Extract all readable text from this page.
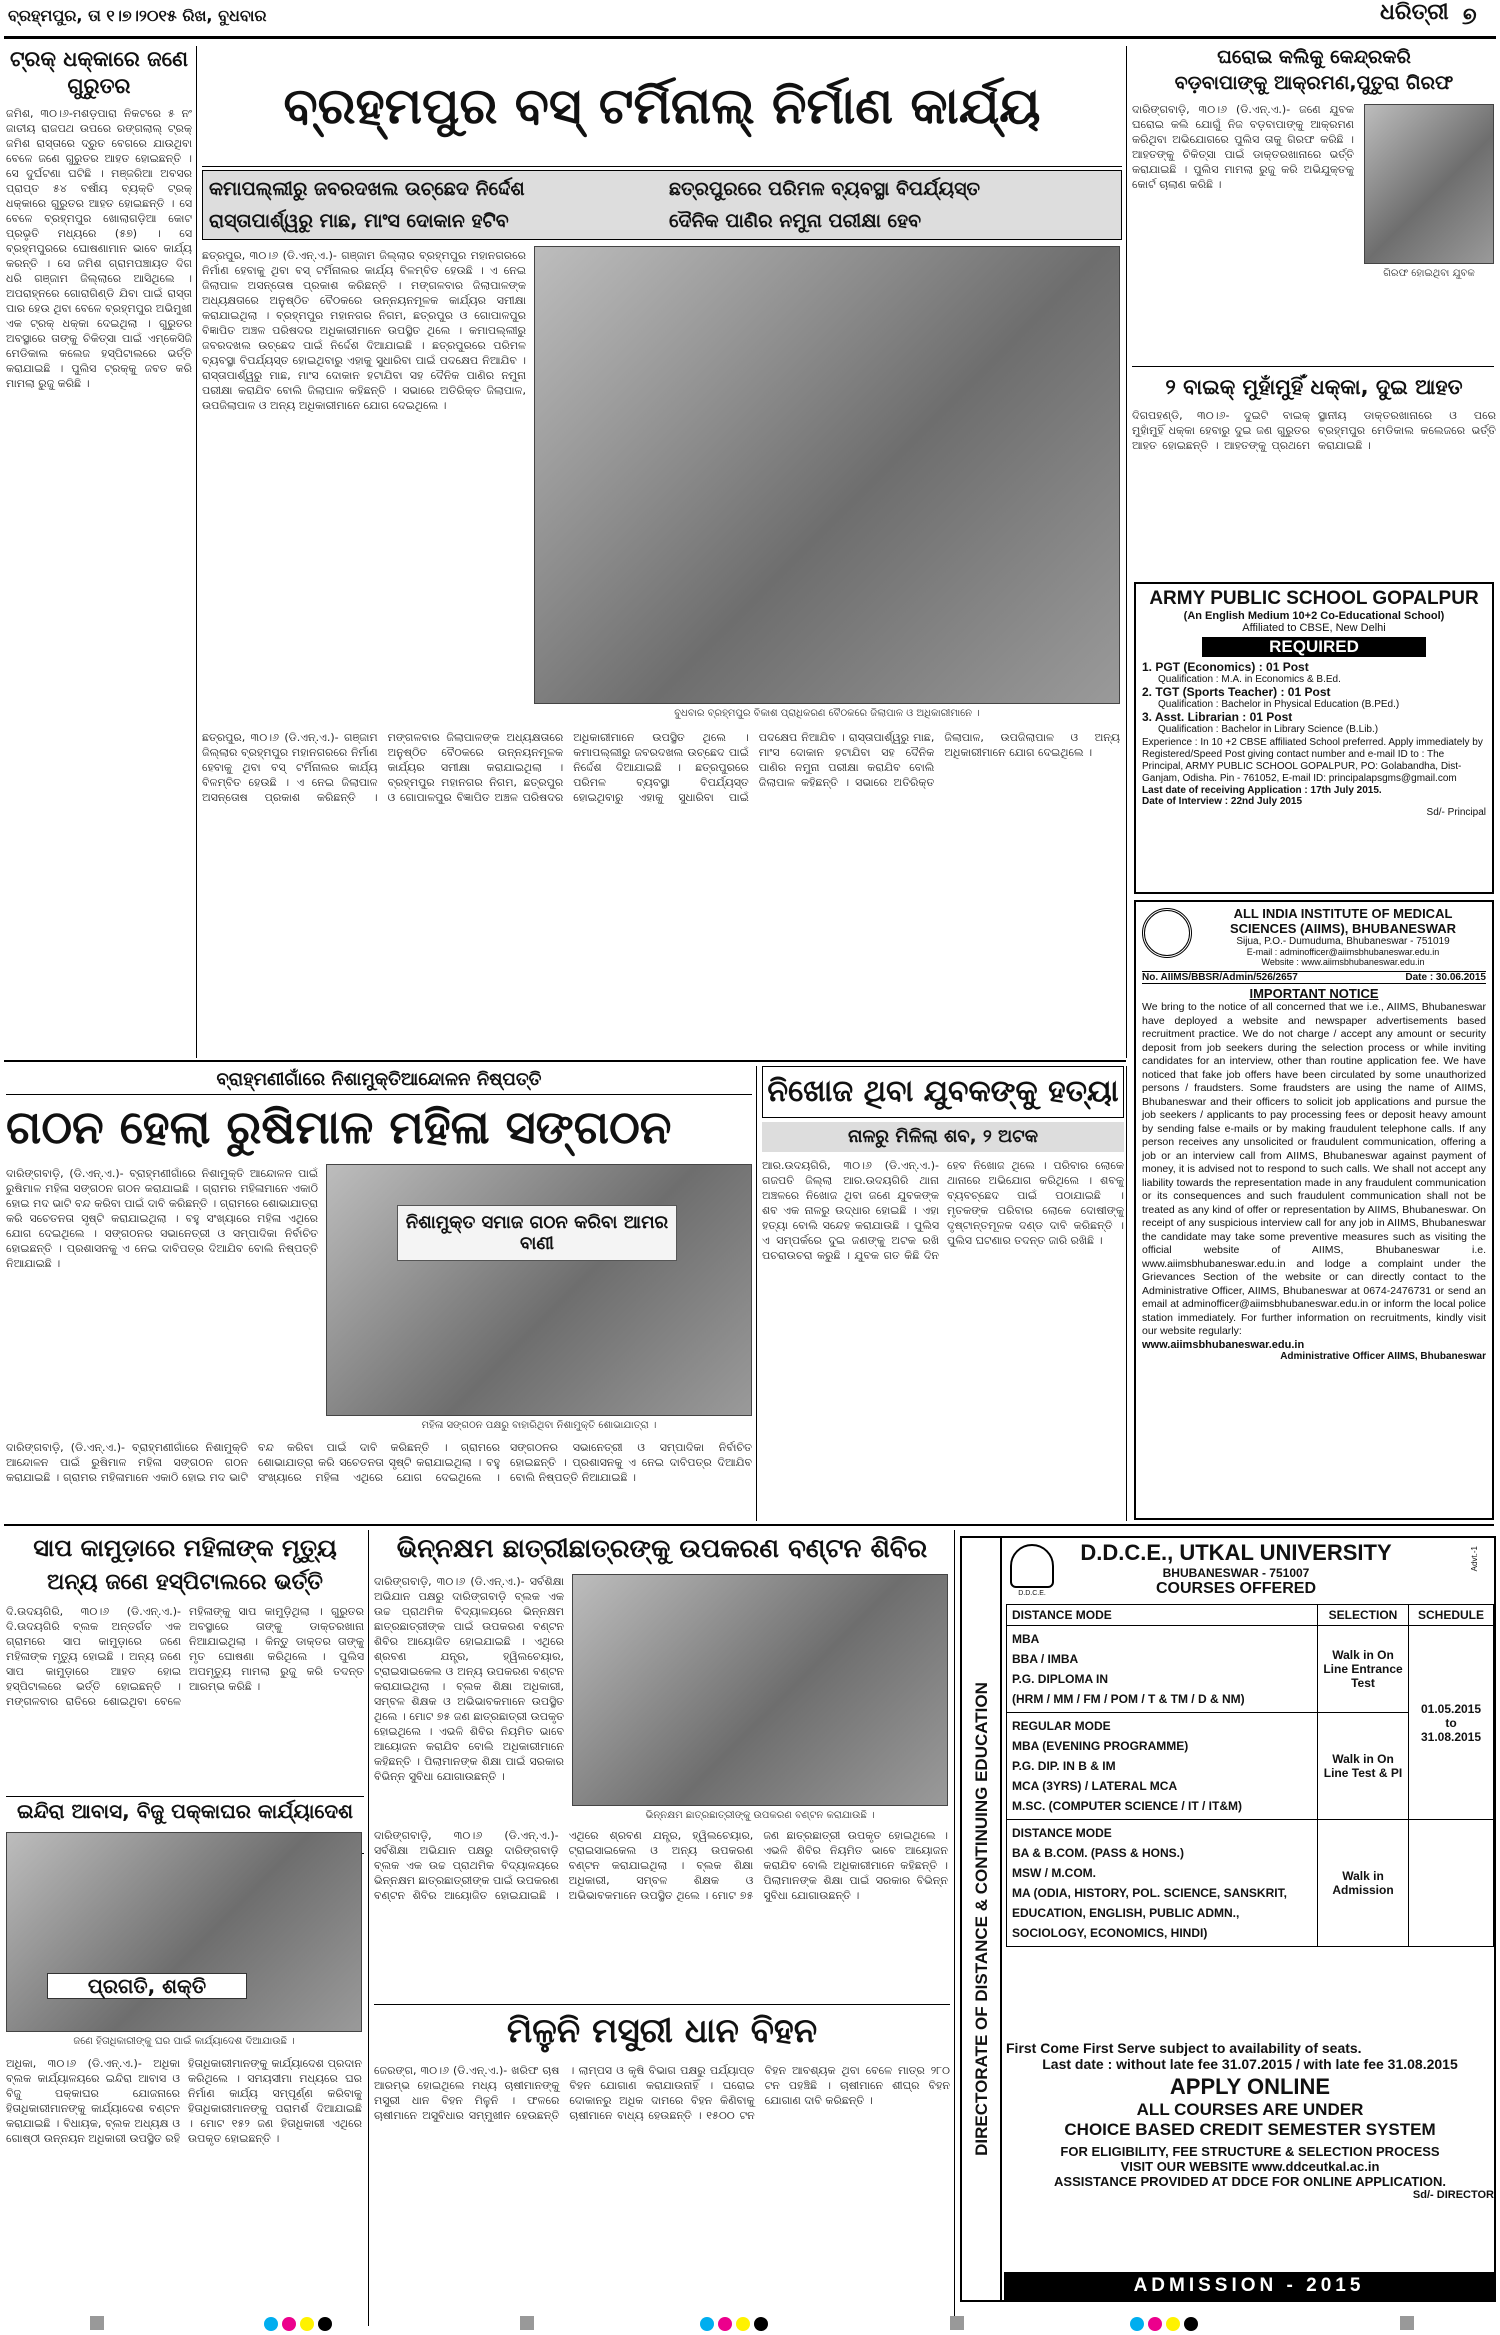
ବ୍ରହ୍ମପୁର, ତା ୧।୭।୨୦୧୫ ରିଖ, ବୁଧବାର	ଧରିତ୍ରୀ ୭
ଟ୍ରକ୍ ଧକ୍କାରେ ଜଣେ ଗୁରୁତର
ଜମିଶ, ୩୦।୬-ମଶଡ଼ପାରା ନିକଟରେ ୫ ନଂ ଜାତୀୟ ରାଜପଥ ଉପରେ ରଙ୍ଗଲାଲ୍ ଟ୍ରକ୍ ଜମିଶ ରାସ୍ତାରେ ଦ୍ରୁତ ବେଗରେ ଯାଉଥିବା ବେଳେ ଜଣେ ଗୁରୁତର ଆହତ ହୋଇଛନ୍ତି । ସେ ଦୁର୍ଘଟଣା ଘଟିଛି । ମଞ୍ଜରିଆ ଅବସର ପ୍ରାପ୍ତ ୫୪ ବର୍ଷୀୟ ବ୍ୟକ୍ତି ଟ୍ରକ୍ ଧକ୍କାରେ ଗୁରୁତର ଆହତ ହୋଇଛନ୍ତି । ସେ ବେଳେ ବ୍ରହ୍ମପୁର ଖୋଲାଗଡ଼ିଆ କୋଟ ପ୍ରଭୃତି ମଧ୍ୟରେ (୫୭) । ସେ ବ୍ରହ୍ମପୁରରେ ଘୋଷଣାମାନ ଭାବେ କାର୍ଯ୍ୟ କରନ୍ତି । ସେ ଜମିଶ ଗ୍ରାମପଞ୍ଚାୟତ ଦିଗ ଧରି ଗଞ୍ଜାମ ଜିଲ୍ଲାରେ ଆସିଥିଲେ । ଅପରାହ୍ନରେ ଗୋରାଗିଣ୍ଡି ଯିବା ପାଇଁ ରାସ୍ତା ପାର ହେଉ ଥିବା ବେଳେ ବ୍ରହ୍ମପୁର ଅଭିମୁଖୀ ଏକ ଟ୍ରକ୍ ଧକ୍କା ଦେଇଥିଲା । ଗୁରୁତର ଅବସ୍ଥାରେ ତାଙ୍କୁ ଚିକିତ୍ସା ପାଇଁ ଏମ୍କେସିଜି ମେଡିକାଲ କଲେଜ ହସ୍ପିଟାଲରେ ଭର୍ତ୍ତି କରାଯାଇଛି । ପୁଲିସ ଟ୍ରକ୍‌କୁ ଜବତ କରି ମାମଲା ରୁଜୁ କରିଛି ।
ବ୍ରହ୍ମପୁର ବସ୍ ଟର୍ମିନାଲ୍ ନିର୍ମାଣ କାର୍ଯ୍ୟ
କମାପଲ୍ଲୀରୁ ଜବରଦଖଲ ଉଚ୍ଛେଦ ନିର୍ଦ୍ଦେଶ	ଛତ୍ରପୁରରେ ପରିମଳ ବ୍ୟବସ୍ଥା ବିପର୍ଯ୍ୟସ୍ତ
ରାସ୍ତାପାର୍ଶ୍ୱରୁ ମାଛ, ମାଂସ ଦୋକାନ ହଟିବ	ଦୈନିକ ପାଣିର ନମୁନା ପରୀକ୍ଷା ହେବ
ଛତ୍ରପୁର, ୩୦।୬ (ଡି.ଏନ୍.ଏ.)- ଗଞ୍ଜାମ ଜିଲ୍ଲାର ବ୍ରହ୍ମପୁର ମହାନଗରରେ ନିର୍ମାଣ ହେବାକୁ ଥିବା ବସ୍ ଟର୍ମିନାଲର କାର୍ଯ୍ୟ ବିଳମ୍ବିତ ହେଉଛି । ଏ ନେଇ ଜିଲାପାଳ ଅସନ୍ତୋଷ ପ୍ରକାଶ କରିଛନ୍ତି । ମଙ୍ଗଳବାର ଜିଲାପାଳଙ୍କ ଅଧ୍ୟକ୍ଷତାରେ ଅନୁଷ୍ଠିତ ବୈଠକରେ ଉନ୍ନୟନମୂଳକ କାର୍ଯ୍ୟର ସମୀକ୍ଷା କରାଯାଇଥିଲା । ବ୍ରହ୍ମପୁର ମହାନଗର ନିଗମ, ଛତ୍ରପୁର ଓ ଗୋପାଳପୁର ବିଜ୍ଞାପିତ ଅଞ୍ଚଳ ପରିଷଦର ଅଧିକାରୀମାନେ ଉପସ୍ଥିତ ଥିଲେ । କମାପଲ୍ଲୀରୁ ଜବରଦଖଲ ଉଚ୍ଛେଦ ପାଇଁ ନିର୍ଦ୍ଦେଶ ଦିଆଯାଇଛି । ଛତ୍ରପୁରରେ ପରିମଳ ବ୍ୟବସ୍ଥା ବିପର୍ଯ୍ୟସ୍ତ ହୋଇଥିବାରୁ ଏହାକୁ ସୁଧାରିବା ପାଇଁ ପଦକ୍ଷେପ ନିଆଯିବ । ରାସ୍ତାପାର୍ଶ୍ୱରୁ ମାଛ, ମାଂସ ଦୋକାନ ହଟାଯିବା ସହ ଦୈନିକ ପାଣିର ନମୁନା ପରୀକ୍ଷା କରାଯିବ ବୋଲି ଜିଲାପାଳ କହିଛନ୍ତି । ସଭାରେ ଅତିରିକ୍ତ ଜିଲାପାଳ, ଉପଜିଲାପାଳ ଓ ଅନ୍ୟ ଅଧିକାରୀମାନେ ଯୋଗ ଦେଇଥିଲେ ।
ବୁଧବାର ବ୍ରହ୍ମପୁର ବିକାଶ ପ୍ରାଧିକରଣ ବୈଠକରେ ଜିଲାପାଳ ଓ ଅଧିକାରୀମାନେ ।
ଛତ୍ରପୁର, ୩୦।୬ (ଡି.ଏନ୍.ଏ.)- ଗଞ୍ଜାମ ଜିଲ୍ଲାର ବ୍ରହ୍ମପୁର ମହାନଗରରେ ନିର୍ମାଣ ହେବାକୁ ଥିବା ବସ୍ ଟର୍ମିନାଲର କାର୍ଯ୍ୟ ବିଳମ୍ବିତ ହେଉଛି । ଏ ନେଇ ଜିଲାପାଳ ଅସନ୍ତୋଷ ପ୍ରକାଶ କରିଛନ୍ତି । ମଙ୍ଗଳବାର ଜିଲାପାଳଙ୍କ ଅଧ୍ୟକ୍ଷତାରେ ଅନୁଷ୍ଠିତ ବୈଠକରେ ଉନ୍ନୟନମୂଳକ କାର୍ଯ୍ୟର ସମୀକ୍ଷା କରାଯାଇଥିଲା । ବ୍ରହ୍ମପୁର ମହାନଗର ନିଗମ, ଛତ୍ରପୁର ଓ ଗୋପାଳପୁର ବିଜ୍ଞାପିତ ଅଞ୍ଚଳ ପରିଷଦର ଅଧିକାରୀମାନେ ଉପସ୍ଥିତ ଥିଲେ । କମାପଲ୍ଲୀରୁ ଜବରଦଖଲ ଉଚ୍ଛେଦ ପାଇଁ ନିର୍ଦ୍ଦେଶ ଦିଆଯାଇଛି । ଛତ୍ରପୁରରେ ପରିମଳ ବ୍ୟବସ୍ଥା ବିପର୍ଯ୍ୟସ୍ତ ହୋଇଥିବାରୁ ଏହାକୁ ସୁଧାରିବା ପାଇଁ ପଦକ୍ଷେପ ନିଆଯିବ । ରାସ୍ତାପାର୍ଶ୍ୱରୁ ମାଛ, ମାଂସ ଦୋକାନ ହଟାଯିବା ସହ ଦୈନିକ ପାଣିର ନମୁନା ପରୀକ୍ଷା କରାଯିବ ବୋଲି ଜିଲାପାଳ କହିଛନ୍ତି । ସଭାରେ ଅତିରିକ୍ତ ଜିଲାପାଳ, ଉପଜିଲାପାଳ ଓ ଅନ୍ୟ ଅଧିକାରୀମାନେ ଯୋଗ ଦେଇଥିଲେ ।
ଘରୋଇ କଲିକୁ କେନ୍ଦ୍ରକରି
ବଡ଼ବାପାଙ୍କୁ ଆକ୍ରମଣ,ପୁତୁରା ଗିରଫ
ଦାରିଙ୍ଗବାଡ଼ି, ୩୦।୬ (ଡି.ଏନ୍.ଏ.)- ଜଣେ ଯୁବକ ଘରୋଇ କଲି ଯୋଗୁଁ ନିଜ ବଡ଼ବାପାଙ୍କୁ ଆକ୍ରମଣ କରିଥିବା ଅଭିଯୋଗରେ ପୁଲିସ ତାକୁ ଗିରଫ କରିଛି । ଆହତଙ୍କୁ ଚିକିତ୍ସା ପାଇଁ ଡାକ୍ତରଖାନାରେ ଭର୍ତ୍ତି କରାଯାଇଛି । ପୁଲିସ ମାମଲା ରୁଜୁ କରି ଅଭିଯୁକ୍ତକୁ କୋର୍ଟ ଚାଲାଣ କରିଛି ।
ଗିରଫ ହୋଇଥିବା ଯୁବକ
୨ ବାଇକ୍ ମୁହାଁମୁହିଁ ଧକ୍କା, ଦୁଇ ଆହତ
ଦିଗପହଣ୍ଡି, ୩୦।୬- ଦୁଇଟି ବାଇକ୍ ମୁହାଁମୁହିଁ ଧକ୍କା ହେବାରୁ ଦୁଇ ଜଣ ଗୁରୁତର ଆହତ ହୋଇଛନ୍ତି । ଆହତଙ୍କୁ ପ୍ରଥମେ ସ୍ଥାନୀୟ ଡାକ୍ତରଖାନାରେ ଓ ପରେ ବ୍ରହ୍ମପୁର ମେଡିକାଲ କଲେଜରେ ଭର୍ତ୍ତି କରାଯାଇଛି ।
ARMY PUBLIC SCHOOL GOPALPUR
(An English Medium 10+2 Co-Educational School)
Affiliated to CBSE, New Delhi
REQUIRED
1. PGT (Economics) : 01 Post
Qualification : M.A. in Economics & B.Ed.
2. TGT (Sports Teacher) : 01 Post
Qualification : Bachelor in Physical Education (B.PEd.)
3. Asst. Librarian : 01 Post
Qualification : Bachelor in Library Science (B.Lib.)
Experience : In 10 +2 CBSE affiliated School preferred. Apply immediately by Registered/Speed Post giving contact number and e-mail ID to : The Principal, ARMY PUBLIC SCHOOL GOPALPUR, PO: Golabandha, Dist-Ganjam, Odisha. Pin - 761052, E-mail ID: principalapsgms@gmail.com
Last date of receiving Application : 17th July 2015.
Date of Interview : 22nd July 2015
Sd/- Principal
ବ୍ରାହ୍ମଣୀଗାଁରେ ନିଶାମୁକ୍ତିଆନ୍ଦୋଳନ ନିଷ୍ପତ୍ତି
ଗଠନ ହେଲା ରୁଷିମାଳ ମହିଳା ସଙ୍ଗଠନ
ଦାରିଙ୍ଗବାଡ଼ି, (ଡି.ଏନ୍.ଏ.)- ବ୍ରାହ୍ମଣୀଗାଁରେ ନିଶାମୁକ୍ତି ଆନ୍ଦୋଳନ ପାଇଁ ରୁଷିମାଳ ମହିଳା ସଙ୍ଗଠନ ଗଠନ କରାଯାଇଛି । ଗ୍ରାମର ମହିଳାମାନେ ଏକାଠି ହୋଇ ମଦ ଭାଟି ବନ୍ଦ କରିବା ପାଇଁ ଦାବି କରିଛନ୍ତି । ଗ୍ରାମରେ ଶୋଭାଯାତ୍ରା କରି ସଚେତନତା ସୃଷ୍ଟି କରାଯାଇଥିଲା । ବହୁ ସଂଖ୍ୟାରେ ମହିଳା ଏଥିରେ ଯୋଗ ଦେଇଥିଲେ । ସଙ୍ଗଠନର ସଭାନେତ୍ରୀ ଓ ସମ୍ପାଦିକା ନିର୍ବାଚିତ ହୋଇଛନ୍ତି । ପ୍ରଶାସନକୁ ଏ ନେଇ ଦାବିପତ୍ର ଦିଆଯିବ ବୋଲି ନିଷ୍ପତ୍ତି ନିଆଯାଇଛି ।
ନିଶାମୁକ୍ତ ସମାଜ ଗଠନ କରିବା ଆମର ବାଣୀ
ମହିଳା ସଙ୍ଗଠନ ପକ୍ଷରୁ ବାହାରିଥିବା ନିଶାମୁକ୍ତି ଶୋଭାଯାତ୍ରା ।
ଦାରିଙ୍ଗବାଡ଼ି, (ଡି.ଏନ୍.ଏ.)- ବ୍ରାହ୍ମଣୀଗାଁରେ ନିଶାମୁକ୍ତି ଆନ୍ଦୋଳନ ପାଇଁ ରୁଷିମାଳ ମହିଳା ସଙ୍ଗଠନ ଗଠନ କରାଯାଇଛି । ଗ୍ରାମର ମହିଳାମାନେ ଏକାଠି ହୋଇ ମଦ ଭାଟି ବନ୍ଦ କରିବା ପାଇଁ ଦାବି କରିଛନ୍ତି । ଗ୍ରାମରେ ଶୋଭାଯାତ୍ରା କରି ସଚେତନତା ସୃଷ୍ଟି କରାଯାଇଥିଲା । ବହୁ ସଂଖ୍ୟାରେ ମହିଳା ଏଥିରେ ଯୋଗ ଦେଇଥିଲେ । ସଙ୍ଗଠନର ସଭାନେତ୍ରୀ ଓ ସମ୍ପାଦିକା ନିର୍ବାଚିତ ହୋଇଛନ୍ତି । ପ୍ରଶାସନକୁ ଏ ନେଇ ଦାବିପତ୍ର ଦିଆଯିବ ବୋଲି ନିଷ୍ପତ୍ତି ନିଆଯାଇଛି ।
ନିଖୋଜ ଥିବା ଯୁବକଙ୍କୁ ହତ୍ୟା
ନାଳରୁ ମିଳିଲା ଶବ, ୨ ଅଟକ
ଆର.ଉଦୟଗିରି, ୩୦।୬ (ଡି.ଏନ୍.ଏ.)- ଗଜପତି ଜିଲ୍ଲା ଆର.ଉଦୟଗିରି ଥାନା ଅଞ୍ଚଳରେ ନିଖୋଜ ଥିବା ଜଣେ ଯୁବକଙ୍କ ଶବ ଏକ ନାଳରୁ ଉଦ୍ଧାର ହୋଇଛି । ଏହା ହତ୍ୟା ବୋଲି ସନ୍ଦେହ କରାଯାଉଛି । ପୁଲିସ ଏ ସମ୍ପର୍କରେ ଦୁଇ ଜଣଙ୍କୁ ଅଟକ ରଖି ପଚରାଉଚରା କରୁଛି । ଯୁବକ ଗତ କିଛି ଦିନ ହେବ ନିଖୋଜ ଥିଲେ । ପରିବାର ଲୋକେ ଥାନାରେ ଅଭିଯୋଗ କରିଥିଲେ । ଶବକୁ ବ୍ୟବଚ୍ଛେଦ ପାଇଁ ପଠାଯାଇଛି । ମୃତକଙ୍କ ପରିବାର ଲୋକେ ଦୋଷୀଙ୍କୁ ଦୃଷ୍ଟାନ୍ତମୂଳକ ଦଣ୍ଡ ଦାବି କରିଛନ୍ତି । ପୁଲିସ ଘଟଣାର ତଦନ୍ତ ଜାରି ରଖିଛି ।
ALL INDIA INSTITUTE OF MEDICAL SCIENCES (AIIMS), BHUBANESWAR
Sijua, P.O.- Dumuduma, Bhubaneswar - 751019
E-mail : adminofficer@aiimsbhubaneswar.edu.in
Website : www.aiimsbhubaneswar.edu.in
No. AIIMS/BBSR/Admin/526/2657	Date : 30.06.2015
IMPORTANT NOTICE
We bring to the notice of all concerned that we i.e., AIIMS, Bhubaneswar have deployed a website and newspaper advertisements based recruitment practice. We do not charge / accept any amount or security deposit from job seekers during the selection process or while inviting candidates for an interview, other than routine application fee. We have noticed that fake job offers have been circulated by some unauthorized persons / fraudsters. Some fraudsters are using the name of AIIMS, Bhubaneswar and their officers to solicit job applications and pursue the job seekers / applicants to pay processing fees or deposit heavy amount by sending false e-mails or by making fraudulent telephone calls. If any person receives any unsolicited or fraudulent communication, offering a job or an interview call from AIIMS, Bhubaneswar against payment of money, it is advised not to respond to such calls. We shall not accept any liability towards the representation made in any fraudulent communication or its consequences and such fraudulent communication shall not be treated as any kind of offer or representation by AIIMS, Bhubaneswar. On receipt of any suspicious interview call for any job in AIIMS, Bhubaneswar the candidate may take some preventive measures such as visiting the official website of AIIMS, Bhubaneswar i.e. www.aiimsbhubaneswar.edu.in and lodge a complaint under the Grievances Section of the website or can directly contact to the Administrative Officer, AIIMS, Bhubaneswar at 0674-2476731 or send an email at adminofficer@aiimsbhubaneswar.edu.in or inform the local police station immediately. For further information on recruitments, kindly visit our website regularly:
www.aiimsbhubaneswar.edu.in
Administrative Officer AIIMS, Bhubaneswar
ସାପ କାମୁଡ଼ାରେ ମହିଳାଙ୍କ ମୃତ୍ୟୁ
ଅନ୍ୟ ଜଣେ ହସ୍ପିଟାଲରେ ଭର୍ତ୍ତି
ଦି.ଉଦୟଗିରି, ୩୦।୬ (ଡି.ଏନ୍.ଏ.)- ଦି.ଉଦୟଗିରି ବ୍ଲକ ଅନ୍ତର୍ଗତ ଏକ ଗ୍ରାମରେ ସାପ କାମୁଡ଼ାରେ ଜଣେ ମହିଳାଙ୍କ ମୃତ୍ୟୁ ହୋଇଛି । ଅନ୍ୟ ଜଣେ ସାପ କାମୁଡ଼ାରେ ଆହତ ହୋଇ ହସ୍ପିଟାଲରେ ଭର୍ତ୍ତି ହୋଇଛନ୍ତି । ମଙ୍ଗଳବାର ରାତିରେ ଶୋଇଥିବା ବେଳେ ମହିଳାଙ୍କୁ ସାପ କାମୁଡ଼ିଥିଲା । ଗୁରୁତର ଅବସ୍ଥାରେ ତାଙ୍କୁ ଡାକ୍ତରଖାନା ନିଆଯାଇଥିଲା । କିନ୍ତୁ ଡାକ୍ତର ତାଙ୍କୁ ମୃତ ଘୋଷଣା କରିଥିଲେ । ପୁଲିସ ଅପମୃତ୍ୟୁ ମାମଲା ରୁଜୁ କରି ତଦନ୍ତ ଆରମ୍ଭ କରିଛି ।
ଇନ୍ଦିରା ଆବାସ, ବିଜୁ ପକ୍କାଘର କାର୍ଯ୍ୟାଦେଶ
ପ୍ରଗତି, ଶକ୍ତି
ଜଣେ ହିତାଧିକାରୀଙ୍କୁ ଘର ପାଇଁ କାର୍ଯ୍ୟାଦେଶ ଦିଆଯାଉଛି ।
ଅଧିକା, ୩୦।୬ (ଡି.ଏନ୍.ଏ.)- ଅଧିକା ବ୍ଲକ କାର୍ଯ୍ୟାଳୟରେ ଇନ୍ଦିରା ଆବାସ ଓ ବିଜୁ ପକ୍କାଘର ଯୋଜନାରେ ହିତାଧିକାରୀମାନଙ୍କୁ କାର୍ଯ୍ୟାଦେଶ ବଣ୍ଟନ କରାଯାଇଛି । ବିଧାୟକ, ବ୍ଲକ ଅଧ୍ୟକ୍ଷ ଓ ଗୋଷ୍ଠୀ ଉନ୍ନୟନ ଅଧିକାରୀ ଉପସ୍ଥିତ ରହି ହିତାଧିକାରୀମାନଙ୍କୁ କାର୍ଯ୍ୟାଦେଶ ପ୍ରଦାନ କରିଥିଲେ । ସମୟସୀମା ମଧ୍ୟରେ ଘର ନିର୍ମାଣ କାର୍ଯ୍ୟ ସମ୍ପୂର୍ଣ୍ଣ କରିବାକୁ ହିତାଧିକାରୀମାନଙ୍କୁ ପରାମର୍ଶ ଦିଆଯାଇଛି । ମୋଟ ୧୫୨ ଜଣ ହିତାଧିକାରୀ ଏଥିରେ ଉପକୃତ ହୋଇଛନ୍ତି ।
ଭିନ୍ନକ୍ଷମ ଛାତ୍ରୀଛାତ୍ରଙ୍କୁ ଉପକରଣ ବଣ୍ଟନ ଶିବିର
ଦାରିଙ୍ଗବାଡ଼ି, ୩୦।୬ (ଡି.ଏନ୍.ଏ.)- ସର୍ବଶିକ୍ଷା ଅଭିଯାନ ପକ୍ଷରୁ ଦାରିଙ୍ଗବାଡ଼ି ବ୍ଲକ ଏକ ଉଚ୍ଚ ପ୍ରାଥମିକ ବିଦ୍ୟାଳୟରେ ଭିନ୍ନକ୍ଷମ ଛାତ୍ରଛାତ୍ରୀଙ୍କ ପାଇଁ ଉପକରଣ ବଣ୍ଟନ ଶିବିର ଆୟୋଜିତ ହୋଇଯାଇଛି । ଏଥିରେ ଶ୍ରବଣ ଯନ୍ତ୍ର, ହ୍ୱିଲଚେୟାର, ଟ୍ରାଇସାଇକେଲ ଓ ଅନ୍ୟ ଉପକରଣ ବଣ୍ଟନ କରାଯାଇଥିଲା । ବ୍ଲକ ଶିକ୍ଷା ଅଧିକାରୀ, ସମ୍ବଳ ଶିକ୍ଷକ ଓ ଅଭିଭାବକମାନେ ଉପସ୍ଥିତ ଥିଲେ । ମୋଟ ୭୫ ଜଣ ଛାତ୍ରଛାତ୍ରୀ ଉପକୃତ ହୋଇଥିଲେ । ଏଭଳି ଶିବିର ନିୟମିତ ଭାବେ ଆୟୋଜନ କରାଯିବ ବୋଲି ଅଧିକାରୀମାନେ କହିଛନ୍ତି । ପିଲାମାନଙ୍କ ଶିକ୍ଷା ପାଇଁ ସରକାର ବିଭିନ୍ନ ସୁବିଧା ଯୋଗାଉଛନ୍ତି ।
ଭିନ୍ନକ୍ଷମ ଛାତ୍ରଛାତ୍ରୀଙ୍କୁ ଉପକରଣ ବଣ୍ଟନ କରାଯାଉଛି ।
ଦାରିଙ୍ଗବାଡ଼ି, ୩୦।୬ (ଡି.ଏନ୍.ଏ.)- ସର୍ବଶିକ୍ଷା ଅଭିଯାନ ପକ୍ଷରୁ ଦାରିଙ୍ଗବାଡ଼ି ବ୍ଲକ ଏକ ଉଚ୍ଚ ପ୍ରାଥମିକ ବିଦ୍ୟାଳୟରେ ଭିନ୍ନକ୍ଷମ ଛାତ୍ରଛାତ୍ରୀଙ୍କ ପାଇଁ ଉପକରଣ ବଣ୍ଟନ ଶିବିର ଆୟୋଜିତ ହୋଇଯାଇଛି । ଏଥିରେ ଶ୍ରବଣ ଯନ୍ତ୍ର, ହ୍ୱିଲଚେୟାର, ଟ୍ରାଇସାଇକେଲ ଓ ଅନ୍ୟ ଉପକରଣ ବଣ୍ଟନ କରାଯାଇଥିଲା । ବ୍ଲକ ଶିକ୍ଷା ଅଧିକାରୀ, ସମ୍ବଳ ଶିକ୍ଷକ ଓ ଅଭିଭାବକମାନେ ଉପସ୍ଥିତ ଥିଲେ । ମୋଟ ୭୫ ଜଣ ଛାତ୍ରଛାତ୍ରୀ ଉପକୃତ ହୋଇଥିଲେ । ଏଭଳି ଶିବିର ନିୟମିତ ଭାବେ ଆୟୋଜନ କରାଯିବ ବୋଲି ଅଧିକାରୀମାନେ କହିଛନ୍ତି । ପିଲାମାନଙ୍କ ଶିକ୍ଷା ପାଇଁ ସରକାର ବିଭିନ୍ନ ସୁବିଧା ଯୋଗାଉଛନ୍ତି ।
ମିଳୁନି ମସୁରୀ ଧାନ ବିହନ
ଜେରଙ୍ଗ, ୩୦।୬ (ଡି.ଏନ୍.ଏ.)- ଖରିଫ ଚାଷ ଆରମ୍ଭ ହୋଇଥିଲେ ମଧ୍ୟ ଚାଷୀମାନଙ୍କୁ ମସୁରୀ ଧାନ ବିହନ ମିଳୁନି । ଫଳରେ ଚାଷୀମାନେ ଅସୁବିଧାର ସମ୍ମୁଖୀନ ହେଉଛନ୍ତି । ଲାମ୍ପସ ଓ କୃଷି ବିଭାଗ ପକ୍ଷରୁ ପର୍ଯ୍ୟାପ୍ତ ବିହନ ଯୋଗାଣ କରାଯାଉନାହିଁ । ଘରୋଇ ଦୋକାନରୁ ଅଧିକ ଦାମରେ ବିହନ କିଣିବାକୁ ଚାଷୀମାନେ ବାଧ୍ୟ ହେଉଛନ୍ତି । ୧୫୦୦ ଟନ ବିହନ ଆବଶ୍ୟକ ଥିବା ବେଳେ ମାତ୍ର ୨୮୦ ଟନ ପହଞ୍ଚିଛି । ଚାଷୀମାନେ ଶୀଘ୍ର ବିହନ ଯୋଗାଣ ଦାବି କରିଛନ୍ତି ।	DIRECTORATE OF DISTANCE & CONTINUING EDUCATION
D.D.C.E.
Advt.-1
D.D.C.E., UTKAL UNIVERSITY
BHUBANESWAR - 751007
COURSES OFFERED
DISTANCE MODE	SELECTION	SCHEDULE

MBA
BBA / IMBA
P.G. DIPLOMA IN
(HRM / MM / FM / POM / T & TM / D & NM)	Walk in On Line Entrance Test	01.05.2015 to 31.08.2015

REGULAR MODE
MBA (EVENING PROGRAMME)
P.G. DIP. IN B & IM
MCA (3YRS) / LATERAL MCA
M.SC. (COMPUTER SCIENCE / IT / IT&M)	Walk in On Line Test & PI	

DISTANCE MODE
BA & B.COM. (PASS & HONS.)
MSW / M.COM.
MA (ODIA, HISTORY, POL. SCIENCE, SANSKRIT, EDUCATION, ENGLISH, PUBLIC ADMN., SOCIOLOGY, ECONOMICS, HINDI)	Walk in Admission	
First Come First Serve subject to availability of seats.
Last date : without late fee 31.07.2015 / with late fee 31.08.2015
APPLY ONLINE
ALL COURSES ARE UNDER
CHOICE BASED CREDIT SEMESTER SYSTEM
FOR ELIGIBILITY, FEE STRUCTURE & SELECTION PROCESS
VISIT OUR WEBSITE www.ddceutkal.ac.in
ASSISTANCE PROVIDED AT DDCE FOR ONLINE APPLICATION.
Sd/- DIRECTOR
ADMISSION - 2015
